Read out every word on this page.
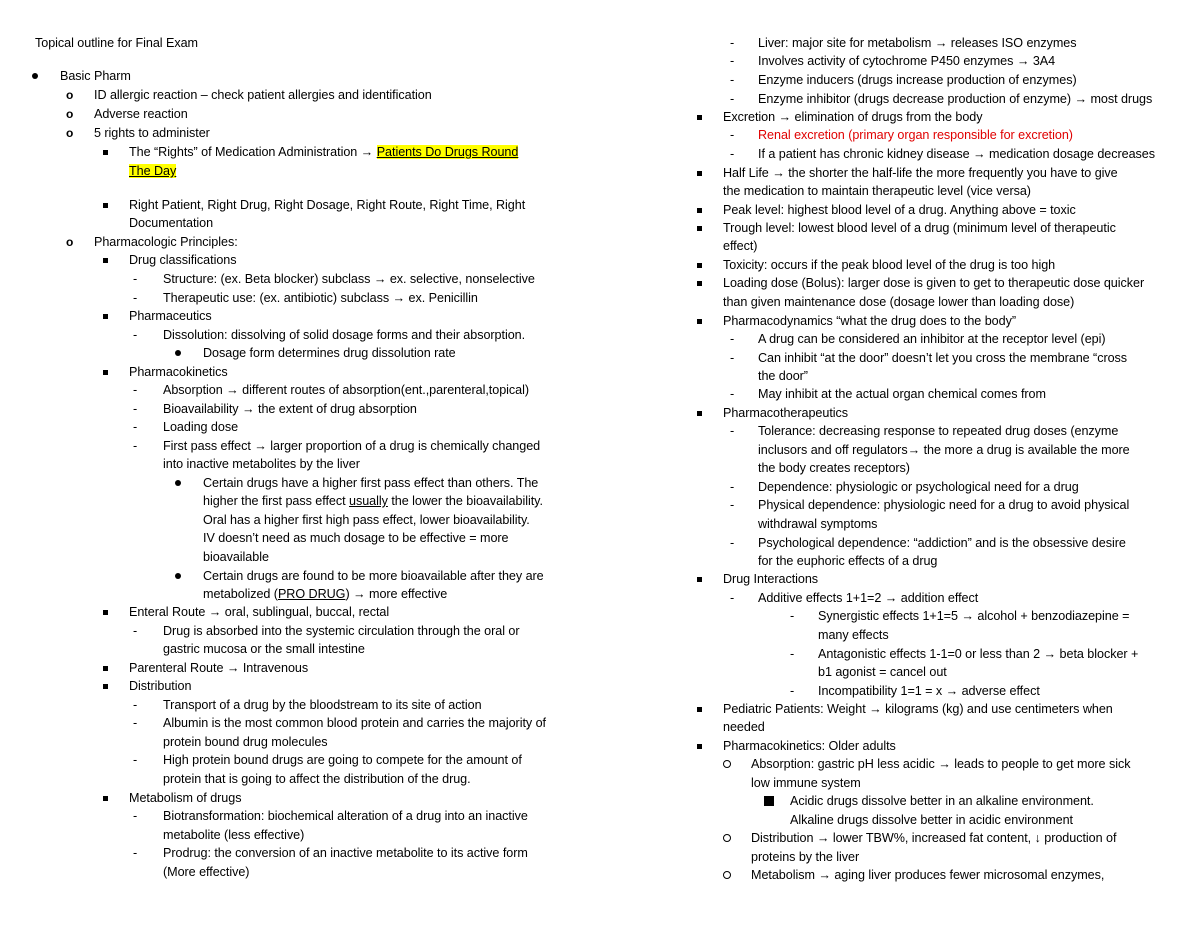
Topical outline for Final Exam
Basic Pharm
o ID allergic reaction – check patient allergies and identification
o Adverse reaction
o 5 rights to administer
The “Rights” of Medication Administration → Patients Do Drugs Round
The Day
Right Patient, Right Drug, Right Dosage, Right Route, Right Time, Right
Documentation
o Pharmacologic Principles:
Drug classifications
- Structure: (ex. Beta blocker) subclass → ex. selective, nonselective
- Therapeutic use: (ex. antibiotic) subclass → ex. Penicillin
Pharmaceutics
- Dissolution: dissolving of solid dosage forms and their absorption.
Dosage form determines drug dissolution rate
Pharmacokinetics
- Absorption → different routes of absorption(ent.,parenteral,topical)
- Bioavailability → the extent of drug absorption
- Loading dose
- First pass effect → larger proportion of a drug is chemically changed
into inactive metabolites by the liver
Certain drugs have a higher first pass effect than others. The
higher the first pass effect usually the lower the bioavailability.
Oral has a higher first high pass effect, lower bioavailability.
IV doesn’t need as much dosage to be effective = more
bioavailable
Certain drugs are found to be more bioavailable after they are
metabolized (PRO DRUG) → more effective
Enteral Route → oral, sublingual, buccal, rectal
- Drug is absorbed into the systemic circulation through the oral or
gastric mucosa or the small intestine
Parenteral Route → Intravenous
Distribution
- Transport of a drug by the bloodstream to its site of action
- Albumin is the most common blood protein and carries the majority of
protein bound drug molecules
- High protein bound drugs are going to compete for the amount of
protein that is going to affect the distribution of the drug.
Metabolism of drugs
- Biotransformation: biochemical alteration of a drug into an inactive
metabolite (less effective)
- Prodrug: the conversion of an inactive metabolite to its active form
(More effective)
- Liver: major site for metabolism → releases ISO enzymes
- Involves activity of cytochrome P450 enzymes → 3A4
- Enzyme inducers (drugs increase production of enzymes)
- Enzyme inhibitor (drugs decrease production of enzyme) → most drugs
Excretion → elimination of drugs from the body
- Renal excretion (primary organ responsible for excretion)
- If a patient has chronic kidney disease → medication dosage decreases
Half Life → the shorter the half-life the more frequently you have to give
the medication to maintain therapeutic level (vice versa)
Peak level: highest blood level of a drug. Anything above = toxic
Trough level: lowest blood level of a drug (minimum level of therapeutic
effect)
Toxicity: occurs if the peak blood level of the drug is too high
Loading dose (Bolus): larger dose is given to get to therapeutic dose quicker
than given maintenance dose (dosage lower than loading dose)
Pharmacodynamics “what the drug does to the body”
- A drug can be considered an inhibitor at the receptor level (epi)
- Can inhibit “at the door” doesn’t let you cross the membrane “cross
the door”
- May inhibit at the actual organ chemical comes from
Pharmacotherapeutics
- Tolerance: decreasing response to repeated drug doses (enzyme
inclusors and off regulators→ the more a drug is available the more
the body creates receptors)
- Dependence: physiologic or psychological need for a drug
- Physical dependence: physiologic need for a drug to avoid physical
withdrawal symptoms
- Psychological dependence: “addiction” and is the obsessive desire
for the euphoric effects of a drug
Drug Interactions
- Additive effects 1+1=2 → addition effect
- Synergistic effects 1+1=5 → alcohol + benzodiazepine =
many effects
- Antagonistic effects 1-1=0 or less than 2 → beta blocker +
b1 agonist = cancel out
- Incompatibility 1=1 = x → adverse effect
Pediatric Patients: Weight → kilograms (kg) and use centimeters when
needed
Pharmacokinetics: Older adults
Absorption: gastric pH less acidic → leads to people to get more sick
low immune system
Acidic drugs dissolve better in an alkaline environment.
Alkaline drugs dissolve better in acidic environment
Distribution → lower TBW%, increased fat content, ↓ production of
proteins by the liver
Metabolism → aging liver produces fewer microsomal enzymes,
